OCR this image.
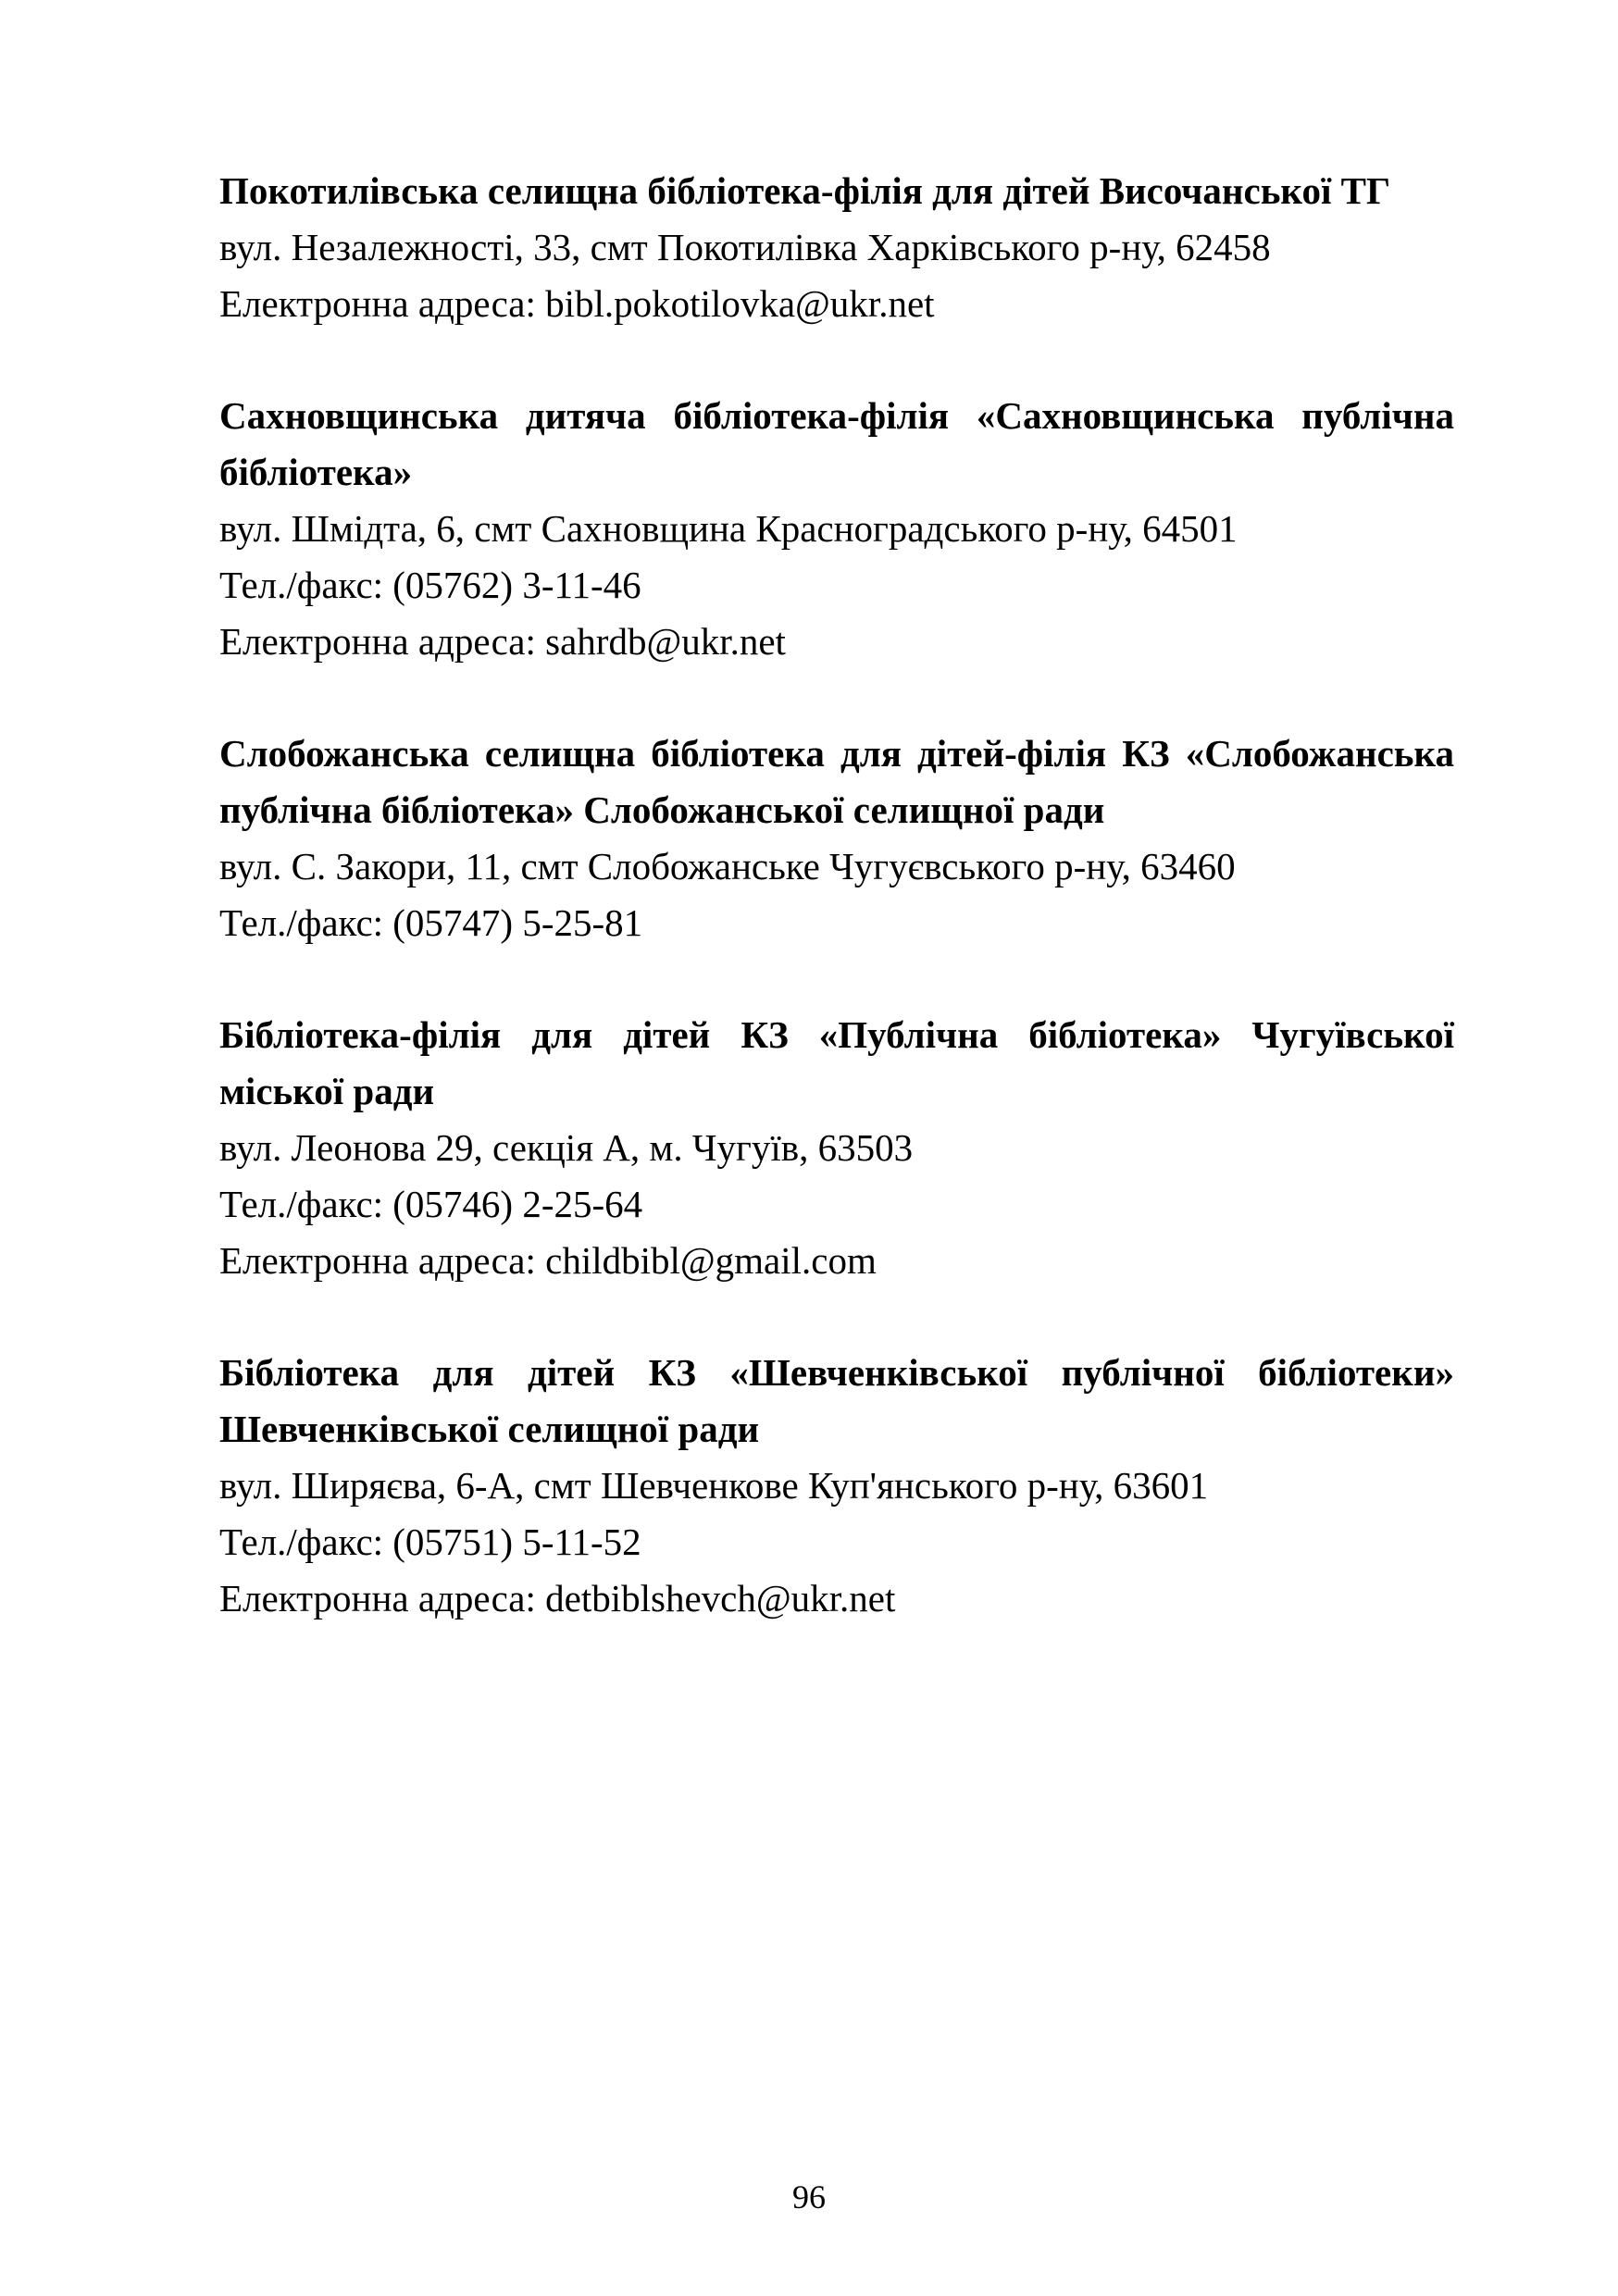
Покотилівська селищна бібліотека-філія для дітей Височанської ТГ

вул. Незалежності, 33, смт Покотилівка Харківського р-ну, 62458

Електронна адреса: bibl.pokotilovka@ukr.net

Сахновщинська дитяча бібліотека-філія «Сахновщинська публічна бібліотека»

вул. Шмідта, 6, смт Сахновщина Красноградського р-ну, 64501

Тел./факс: (05762) 3-11-46

Електронна адреса: sahrdb@ukr.net

Слобожанська селищна бібліотека для дітей-філія КЗ «Слобожанська публічна бібліотека» Слобожанської селищної ради

вул. С. Закори, 11, смт Слобожанське Чугуєвського р-ну, 63460

Тел./факс: (05747) 5-25-81

Бібліотека-філія для дітей КЗ «Публічна бібліотека» Чугуївської міської ради

вул. Леонова 29, секція А, м. Чугуїв, 63503

Тел./факс: (05746) 2-25-64

Електронна адреса: childbibl@gmail.com

Бібліотека для дітей КЗ «Шевченківської публічної бібліотеки» Шевченківської селищної ради

вул. Ширяєва, 6-А, смт Шевченкове Куп'янського р-ну, 63601

Тел./факс: (05751) 5-11-52

Електронна адреса: detbiblshevch@ukr.net

96
